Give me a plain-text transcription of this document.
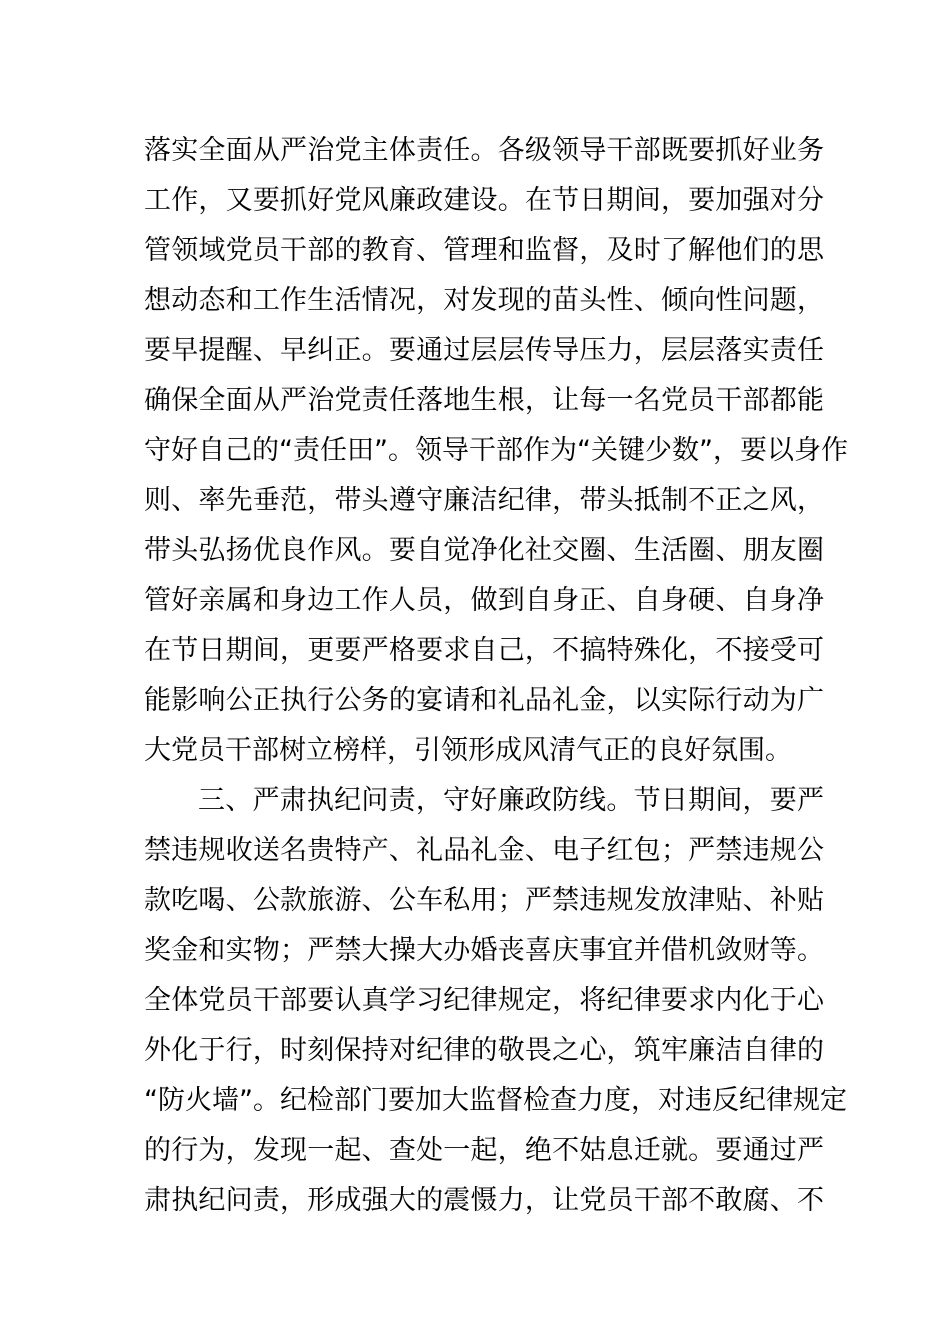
落实全面从严治党主体责任。各级领导干部既要抓好业务
工作，又要抓好党风廉政建设。在节日期间，要加强对分
管领域党员干部的教育、管理和监督，及时了解他们的思
想动态和工作生活情况，对发现的苗头性、倾向性问题，
要早提醒、早纠正。要通过层层传导压力，层层落实责任
确保全面从严治党责任落地生根，让每一名党员干部都能
守好自己的“责任田”。领导干部作为“关键少数”，要以身作
则、率先垂范，带头遵守廉洁纪律，带头抵制不正之风，
带头弘扬优良作风。要自觉净化社交圈、生活圈、朋友圈
管好亲属和身边工作人员，做到自身正、自身硬、自身净
在节日期间，更要严格要求自己，不搞特殊化，不接受可
能影响公正执行公务的宴请和礼品礼金，以实际行动为广
大党员干部树立榜样，引领形成风清气正的良好氛围。
三、严肃执纪问责，守好廉政防线。节日期间，要严
禁违规收送名贵特产、礼品礼金、电子红包；严禁违规公
款吃喝、公款旅游、公车私用；严禁违规发放津贴、补贴
奖金和实物；严禁大操大办婚丧喜庆事宜并借机敛财等。
全体党员干部要认真学习纪律规定，将纪律要求内化于心
外化于行，时刻保持对纪律的敬畏之心，筑牢廉洁自律的
“防火墙”。纪检部门要加大监督检查力度，对违反纪律规定
的行为，发现一起、查处一起，绝不姑息迁就。要通过严
肃执纪问责，形成强大的震慑力，让党员干部不敢腐、不
